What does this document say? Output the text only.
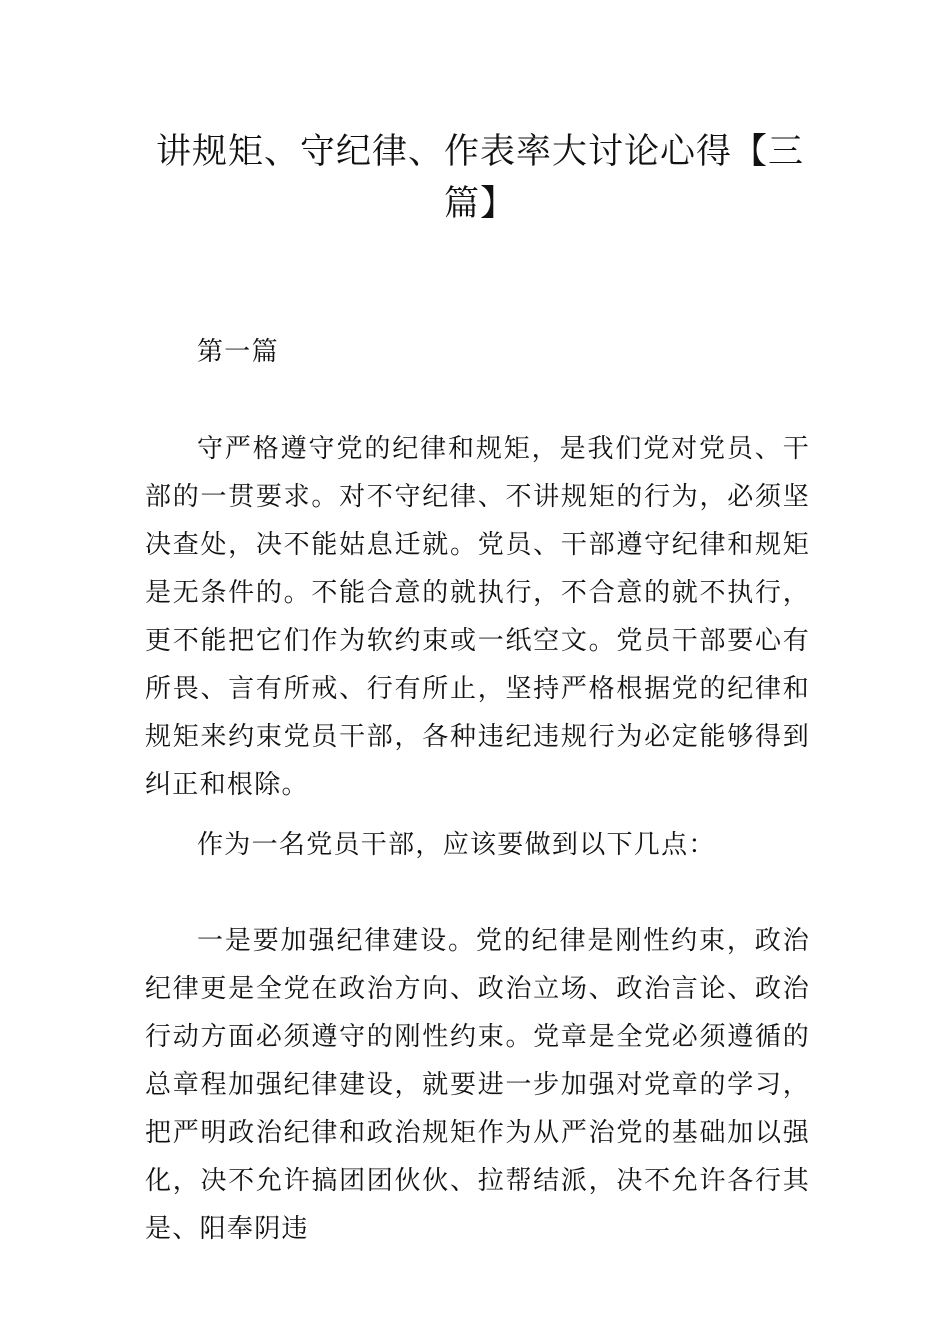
讲规矩、守纪律、作表率大讨论心得【三篇】

第一篇

守严格遵守党的纪律和规矩，是我们党对党员、干部的一贯要求。对不守纪律、不讲规矩的行为，必须坚决查处，决不能姑息迁就。党员、干部遵守纪律和规矩是无条件的。不能合意的就执行，不合意的就不执行，更不能把它们作为软约束或一纸空文。党员干部要心有所畏、言有所戒、行有所止，坚持严格根据党的纪律和规矩来约束党员干部，各种违纪违规行为必定能够得到纠正和根除。

作为一名党员干部，应该要做到以下几点：

一是要加强纪律建设。党的纪律是刚性约束，政治纪律更是全党在政治方向、政治立场、政治言论、政治行动方面必须遵守的刚性约束。党章是全党必须遵循的总章程加强纪律建设，就要进一步加强对党章的学习，把严明政治纪律和政治规矩作为从严治党的基础加以强化，决不允许搞团团伙伙、拉帮结派，决不允许各行其是、阳奉阴违
